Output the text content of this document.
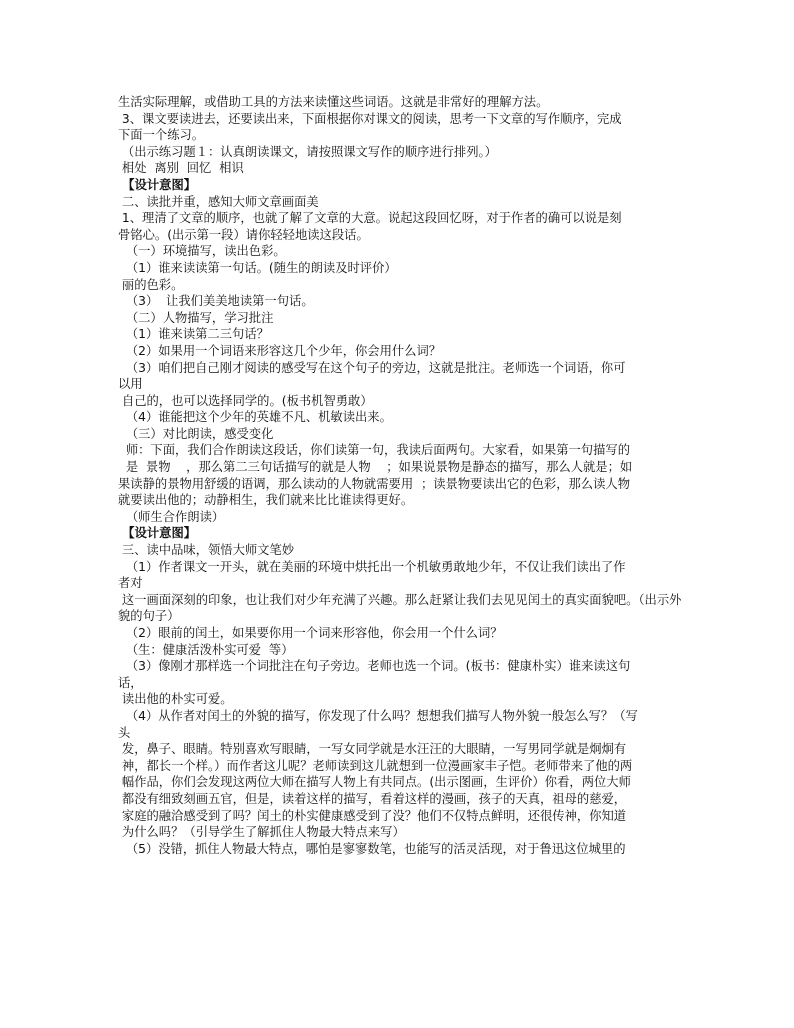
生活实际理解，或借助工具的方法来读懂这些词语。这就是非常好的理解方法。
3、课文要读进去，还要读出来，下面根据你对课文的阅读，思考一下文章的写作顺序，完成
下面一个练习。
（出示练习题１：认真朗读课文，请按照课文写作的顺序进行排列。）
相处  离别  回忆  相识
【设计意图】
二、读批并重，感知大师文章画面美
1、理清了文章的顺序，也就了解了文章的大意。说起这段回忆呀，对于作者的确可以说是刻
骨铭心。(出示第一段）请你轻轻地读这段话。
（一）环境描写，读出色彩。
（1）谁来读读第一句话。(随生的朗读及时评价）
丽的色彩。
（3）  让我们美美地读第一句话。
（二）人物描写，学习批注
（1）谁来读第二三句话？
（2）如果用一个词语来形容这几个少年，你会用什么词？
（3）咱们把自己刚才阅读的感受写在这个句子的旁边，这就是批注。老师选一个词语，你可
以用
自己的，也可以选择同学的。(板书机智勇敢）
（4）谁能把这个少年的英雄不凡、机敏读出来。
（三）对比朗读，感受变化
师：下面，我们合作朗读这段话，你们读第一句，我读后面两句。大家看，如果第一句描写的
是  景物    ，那么第二三句话描写的就是人物    ；如果说景物是静态的描写，那么人就是；如
果读静的景物用舒缓的语调，那么读动的人物就需要用  ；读景物要读出它的色彩，那么读人物
就要读出他的；动静相生，我们就来比比谁读得更好。
（师生合作朗读）
【设计意图】
三、读中品味，领悟大师文笔妙
（1）作者课文一开头，就在美丽的环境中烘托出一个机敏勇敢地少年，不仅让我们读出了作
者对
这一画面深刻的印象，也让我们对少年充满了兴趣。那么赶紧让我们去见见闰土的真实面貌吧。（出示外
貌的句子）
（2）眼前的闰土，如果要你用一个词来形容他，你会用一个什么词？
（生：健康活泼朴实可爱  等）
（3）像刚才那样选一个词批注在句子旁边。老师也选一个词。(板书：健康朴实）谁来读这句
话，
读出他的朴实可爱。
（4）从作者对闰土的外貌的描写，你发现了什么吗？想想我们描写人物外貌一般怎么写？（写
头
发，鼻子、眼睛。特别喜欢写眼睛，一写女同学就是水汪汪的大眼睛，一写男同学就是炯炯有
神，都长一个样。）而作者这儿呢？老师读到这儿就想到一位漫画家丰子恺。老师带来了他的两
幅作品，你们会发现这两位大师在描写人物上有共同点。(出示图画，生评价）你看，两位大师
都没有细致刻画五官，但是，读着这样的描写，看着这样的漫画，孩子的天真，祖母的慈爱，
家庭的融洽感受到了吗？闰土的朴实健康感受到了没？他们不仅特点鲜明，还很传神，你知道
为什么吗？（引导学生了解抓住人物最大特点来写）
（5）没错，抓住人物最大特点，哪怕是寥寥数笔，也能写的活灵活现，对于鲁迅这位城里的
